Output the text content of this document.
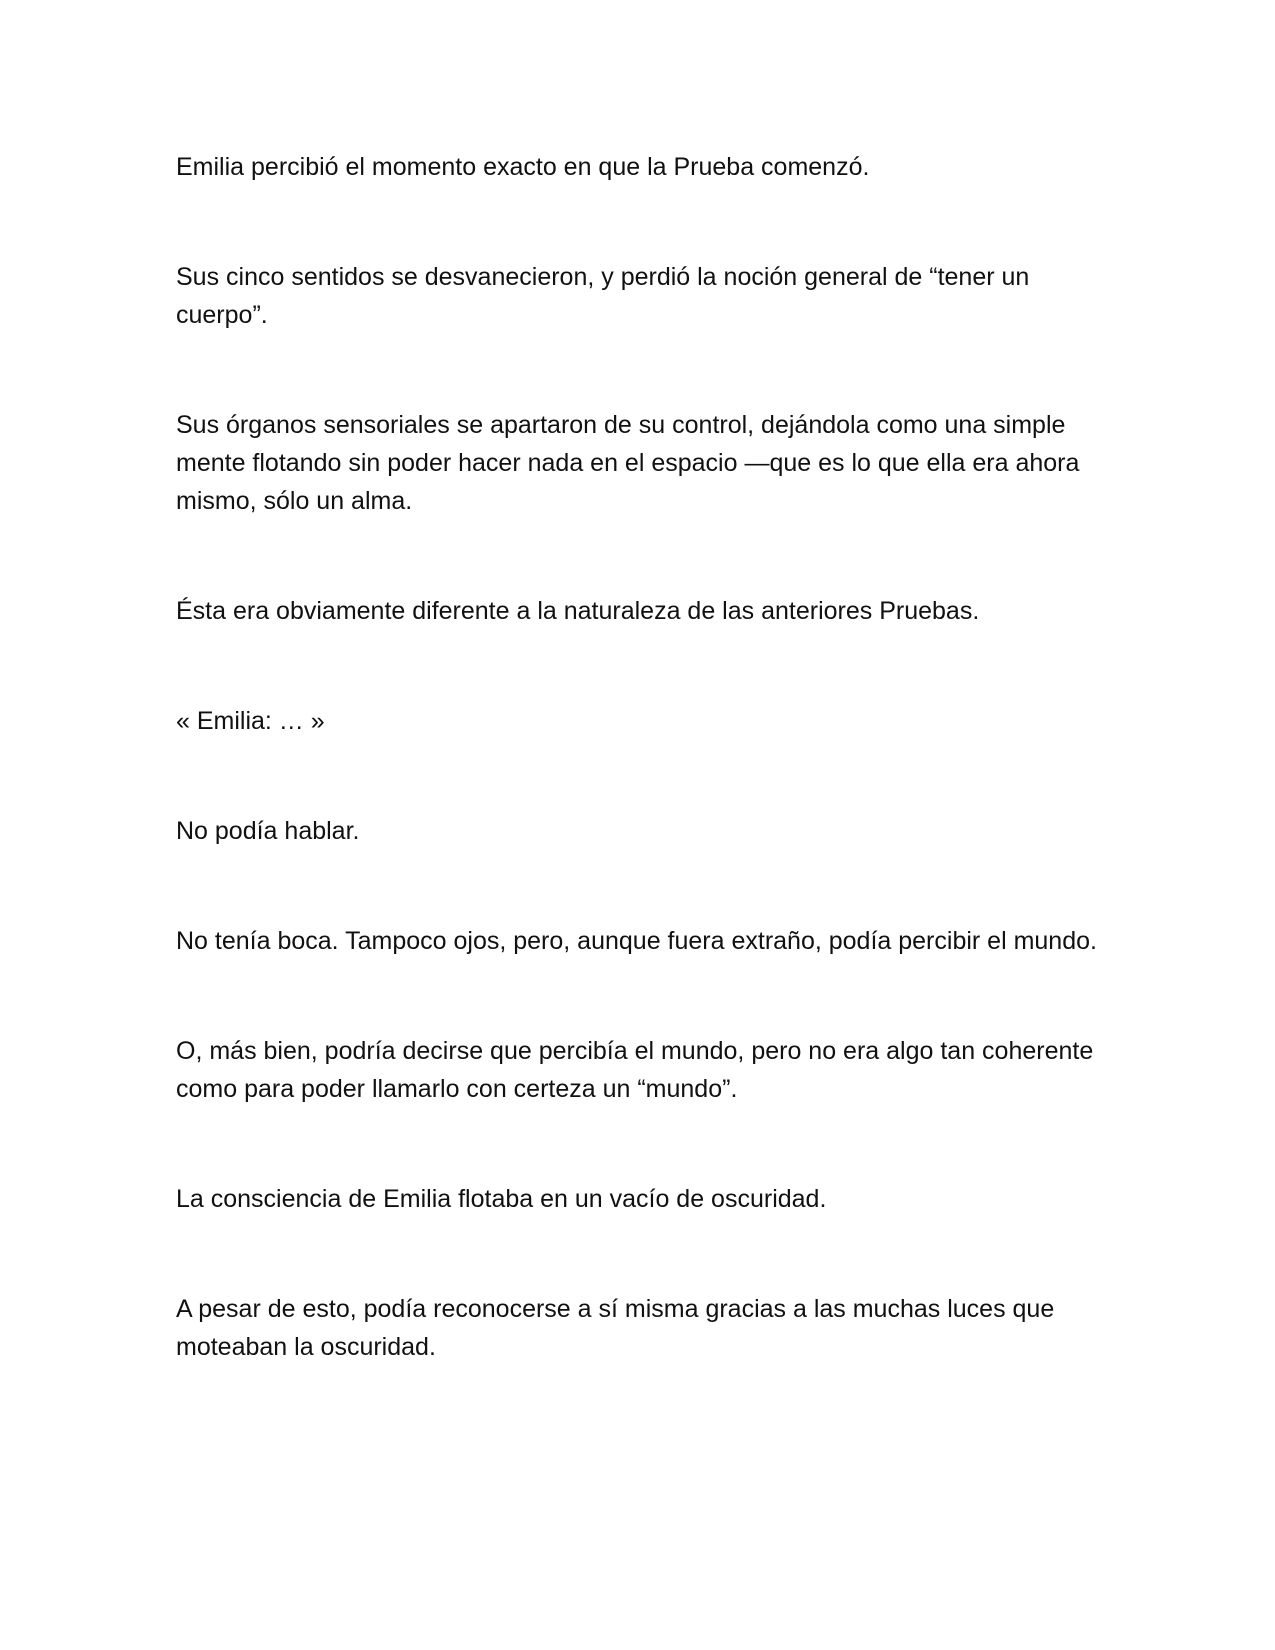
Emilia percibió el momento exacto en que la Prueba comenzó.

Sus cinco sentidos se desvanecieron, y perdió la noción general de “tener un cuerpo”.

Sus órganos sensoriales se apartaron de su control, dejándola como una simple mente flotando sin poder hacer nada en el espacio —que es lo que ella era ahora mismo, sólo un alma.

Ésta era obviamente diferente a la naturaleza de las anteriores Pruebas.

« Emilia: … »

No podía hablar.

No tenía boca. Tampoco ojos, pero, aunque fuera extraño, podía percibir el mundo.

O, más bien, podría decirse que percibía el mundo, pero no era algo tan coherente como para poder llamarlo con certeza un “mundo”.

La consciencia de Emilia flotaba en un vacío de oscuridad.

A pesar de esto, podía reconocerse a sí misma gracias a las muchas luces que moteaban la oscuridad.
